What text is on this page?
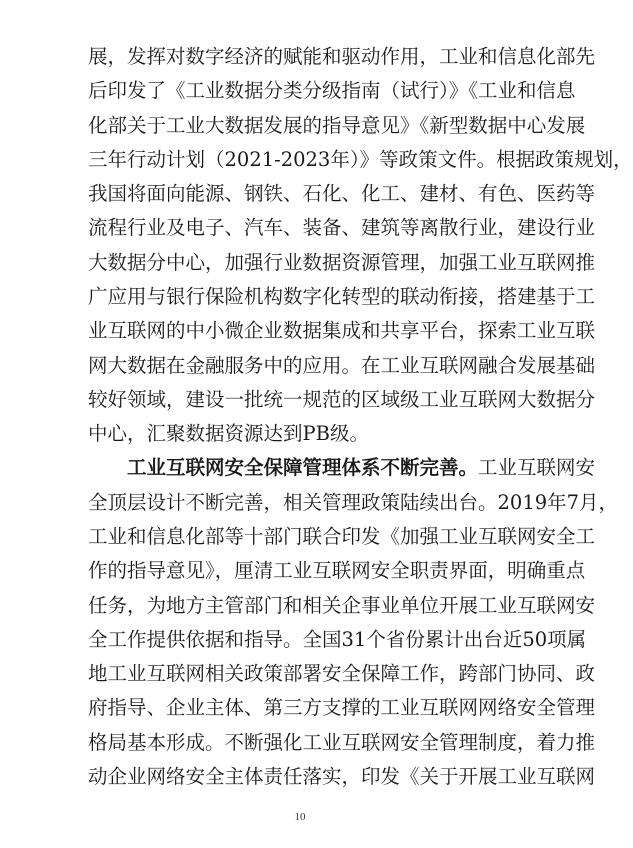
展，发挥对数字经济的赋能和驱动作用，工业和信息化部先
后印发了《工业数据分类分级指南（试行）》《工业和信息
化部关于工业大数据发展的指导意见》《新型数据中心发展
三年行动计划（2021-2023年）》等政策文件。根据政策规划，
我国将面向能源、钢铁、石化、化工、建材、有色、医药等
流程行业及电子、汽车、装备、建筑等离散行业，建设行业
大数据分中心，加强行业数据资源管理，加强工业互联网推
广应用与银行保险机构数字化转型的联动衔接，搭建基于工
业互联网的中小微企业数据集成和共享平台，探索工业互联
网大数据在金融服务中的应用。在工业互联网融合发展基础
较好领域，建设一批统一规范的区域级工业互联网大数据分
中心，汇聚数据资源达到PB级。
工业互联网安全保障管理体系不断完善。工业互联网安
全顶层设计不断完善，相关管理政策陆续出台。2019年7月，
工业和信息化部等十部门联合印发《加强工业互联网安全工
作的指导意见》，厘清工业互联网安全职责界面，明确重点
任务，为地方主管部门和相关企事业单位开展工业互联网安
全工作提供依据和指导。全国31个省份累计出台近50项属
地工业互联网相关政策部署安全保障工作，跨部门协同、政
府指导、企业主体、第三方支撑的工业互联网网络安全管理
格局基本形成。不断强化工业互联网安全管理制度，着力推
动企业网络安全主体责任落实，印发《关于开展工业互联网
10
